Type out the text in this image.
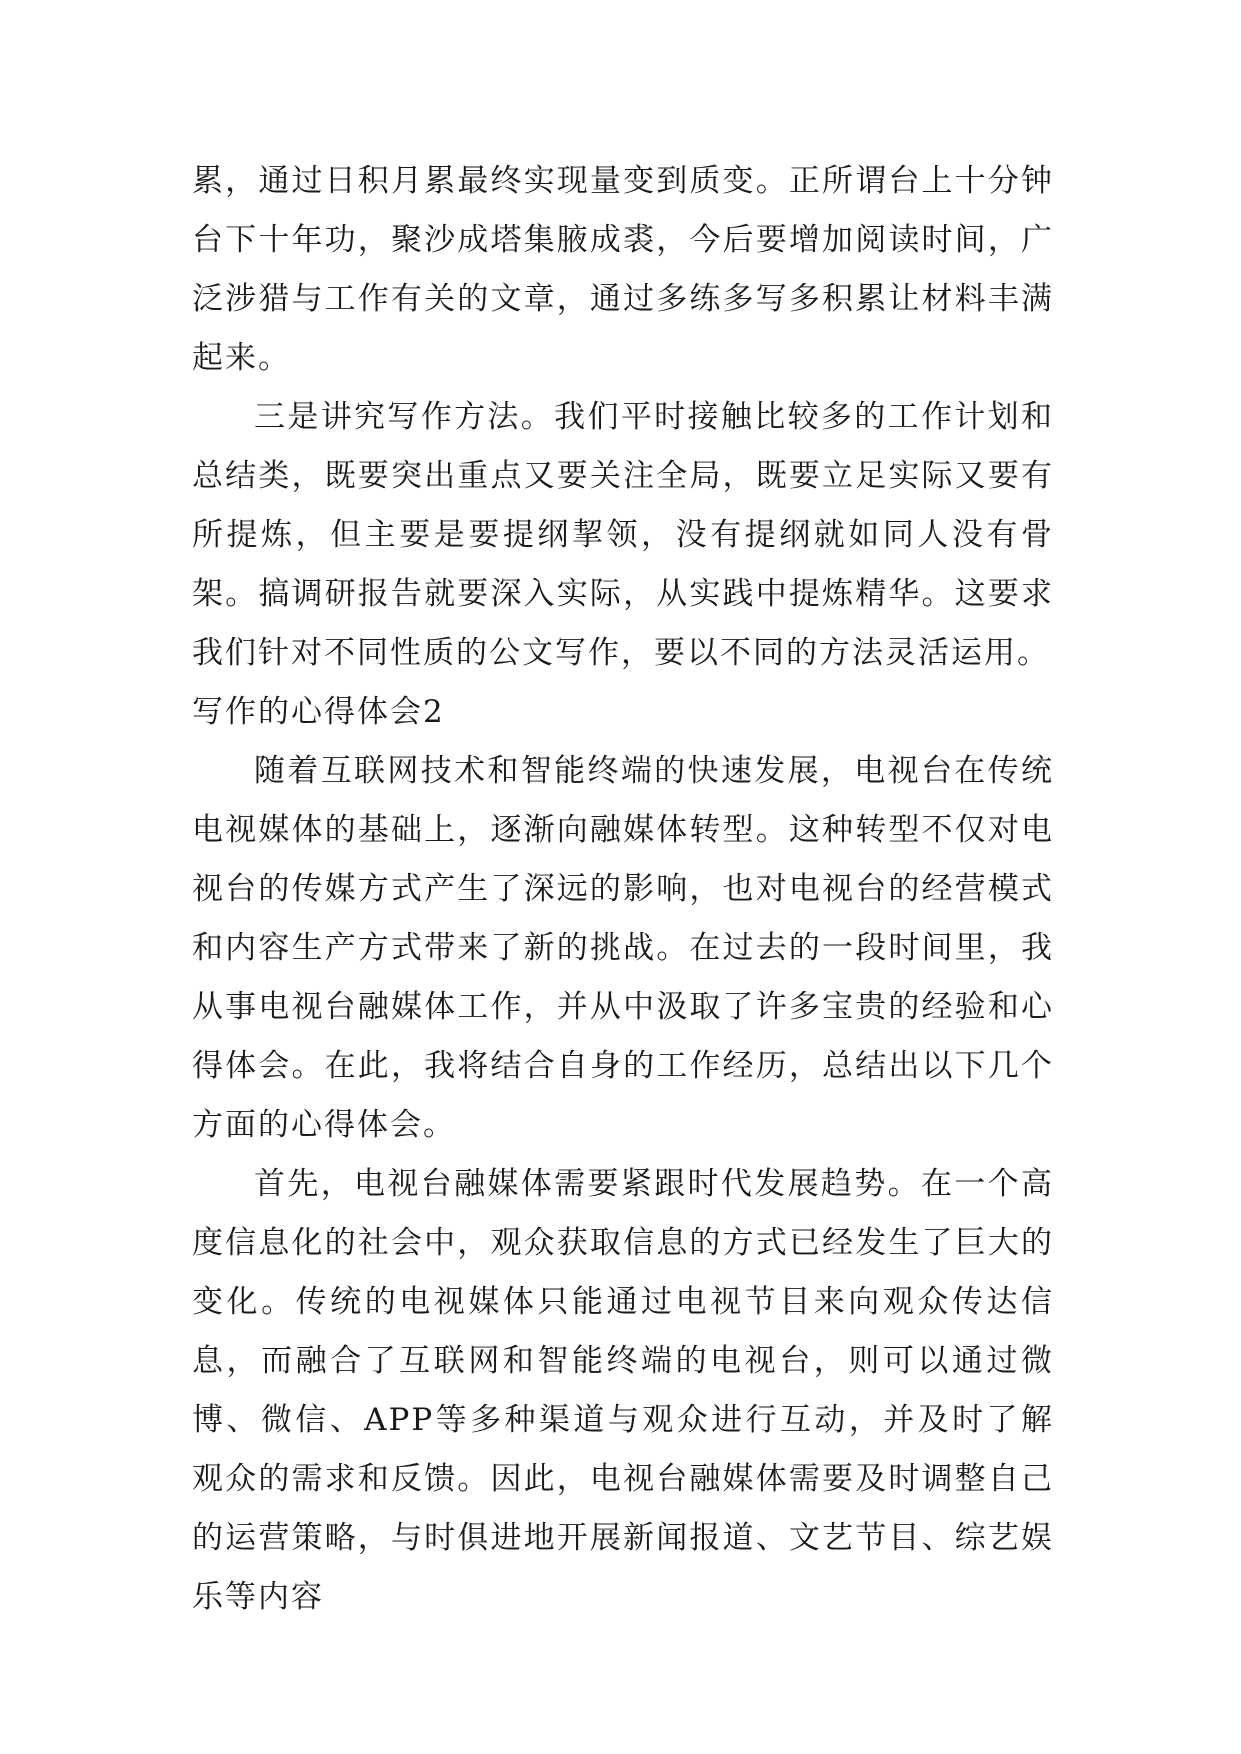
累，通过日积月累最终实现量变到质变。正所谓台上十分钟台下十年功，聚沙成塔集腋成裘，今后要增加阅读时间，广泛涉猎与工作有关的文章，通过多练多写多积累让材料丰满起来。

三是讲究写作方法。我们平时接触比较多的工作计划和总结类，既要突出重点又要关注全局，既要立足实际又要有所提炼，但主要是要提纲挈领，没有提纲就如同人没有骨架。搞调研报告就要深入实际，从实践中提炼精华。这要求我们针对不同性质的公文写作，要以不同的方法灵活运用。

写作的心得体会2

随着互联网技术和智能终端的快速发展，电视台在传统电视媒体的基础上，逐渐向融媒体转型。这种转型不仅对电视台的传媒方式产生了深远的影响，也对电视台的经营模式和内容生产方式带来了新的挑战。在过去的一段时间里，我从事电视台融媒体工作，并从中汲取了许多宝贵的经验和心得体会。在此，我将结合自身的工作经历，总结出以下几个方面的心得体会。

首先，电视台融媒体需要紧跟时代发展趋势。在一个高度信息化的社会中，观众获取信息的方式已经发生了巨大的变化。传统的电视媒体只能通过电视节目来向观众传达信息，而融合了互联网和智能终端的电视台，则可以通过微博、微信、APP等多种渠道与观众进行互动，并及时了解观众的需求和反馈。因此，电视台融媒体需要及时调整自己的运营策略，与时俱进地开展新闻报道、文艺节目、综艺娱乐等内容
